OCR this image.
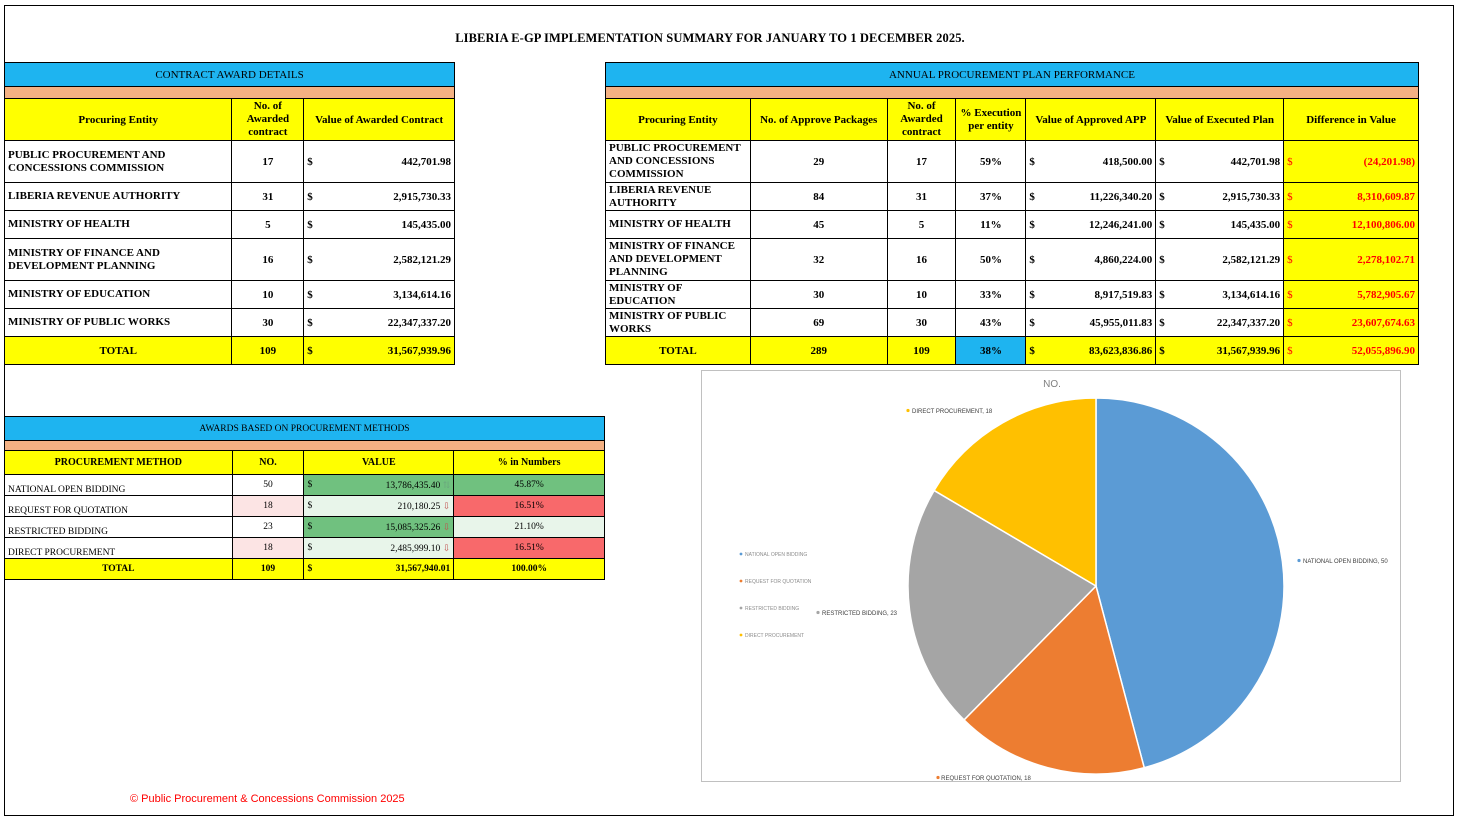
LIBERIA E-GP IMPLEMENTATION SUMMARY FOR JANUARY TO 1 DECEMBER 2025.
CONTRACT AWARD DETAILS			

Procuring Entity	No. of Awarded contract	Value of Awarded Contract	
PUBLIC PROCUREMENT AND CONCESSIONS COMMISSION	17	$	442,701.98
LIBERIA REVENUE AUTHORITY	31	$	2,915,730.33
MINISTRY OF HEALTH	5	$	145,435.00
MINISTRY OF FINANCE AND DEVELOPMENT PLANNING	16	$	2,582,121.29
MINISTRY OF EDUCATION	10	$	3,134,614.16
MINISTRY OF PUBLIC WORKS	30	$	22,347,337.20
TOTAL	109	$	31,567,939.96
ANNUAL PROCUREMENT PLAN PERFORMANCE									

Procuring Entity	No. of Approve Packages	No. of Awarded contract	% Execution per entity	Value of Approved APP		Value of Executed Plan		Difference in Value	
PUBLIC PROCUREMENT AND CONCESSIONS COMMISSION	29	17	59%	$	418,500.00	$	442,701.98	$	(24,201.98)
LIBERIA REVENUE AUTHORITY	84	31	37%	$	11,226,340.20	$	2,915,730.33	$	8,310,609.87
MINISTRY OF HEALTH	45	5	11%	$	12,246,241.00	$	145,435.00	$	12,100,806.00
MINISTRY OF FINANCE AND DEVELOPMENT PLANNING	32	16	50%	$	4,860,224.00	$	2,582,121.29	$	2,278,102.71
MINISTRY OF EDUCATION	30	10	33%	$	8,917,519.83	$	3,134,614.16	$	5,782,905.67
MINISTRY OF PUBLIC WORKS	69	30	43%	$	45,955,011.83	$	22,347,337.20	$	23,607,674.63
TOTAL	289	109	38%	$	83,623,836.86	$	31,567,939.96	$	52,055,896.90
AWARDS BASED ON PROCUREMENT METHODS				

PROCUREMENT METHOD	NO.	VALUE		% in Numbers
NATIONAL OPEN BIDDING	50	$	13,786,435.40 ⇅	45.87%
REQUEST FOR QUOTATION	18	$	210,180.25 ⇩	16.51%
RESTRICTED BIDDING	23	$	15,085,325.26 ⇩	21.10%
DIRECT PROCUREMENT	18	$	2,485,999.10 ⇩	16.51%
TOTAL	109	$	31,567,940.01	100.00%
NO.
NATIONAL OPEN BIDDING, 50
REQUEST FOR QUOTATION, 18
RESTRICTED BIDDING, 23
DIRECT PROCUREMENT, 18
NATIONAL OPEN BIDDING
REQUEST FOR QUOTATION
RESTRICTED BIDDING
DIRECT PROCUREMENT
© Public Procurement & Concessions Commission 2025
